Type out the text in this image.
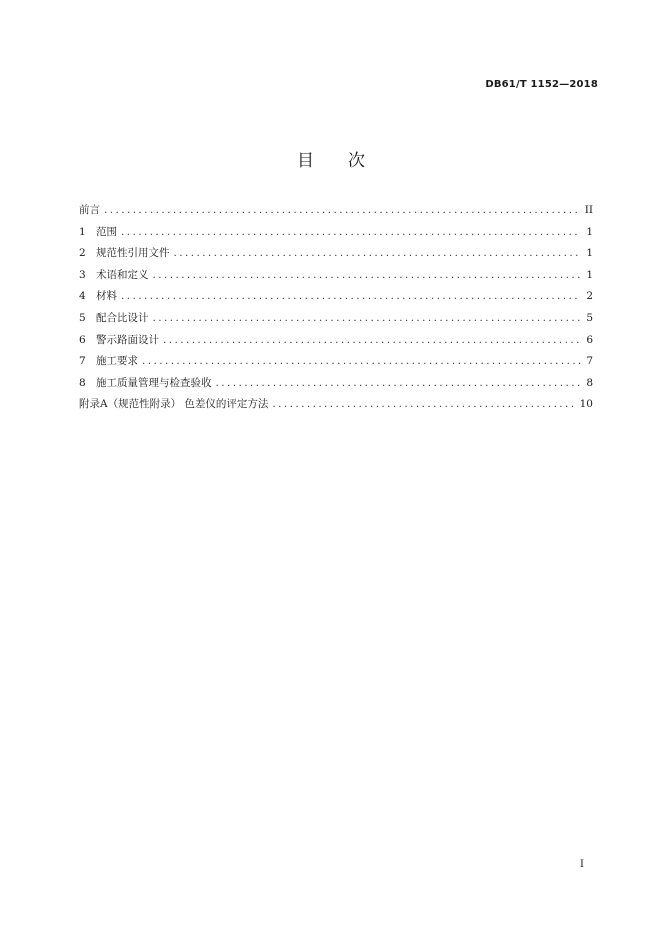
DB61/T 1152—2018
目 次
前言 .....	II
1 范围 .....	1
2 规范性引用文件 .....	1
3 术语和定义 .....	1
4 材料 .....	2
5 配合比设计 .....	5
6 警示路面设计 .....	6
7 施工要求 .....	7
8 施工质量管理与检查验收 .....	8
附录A（规范性附录） 色差仪的评定方法 .....	10
I
